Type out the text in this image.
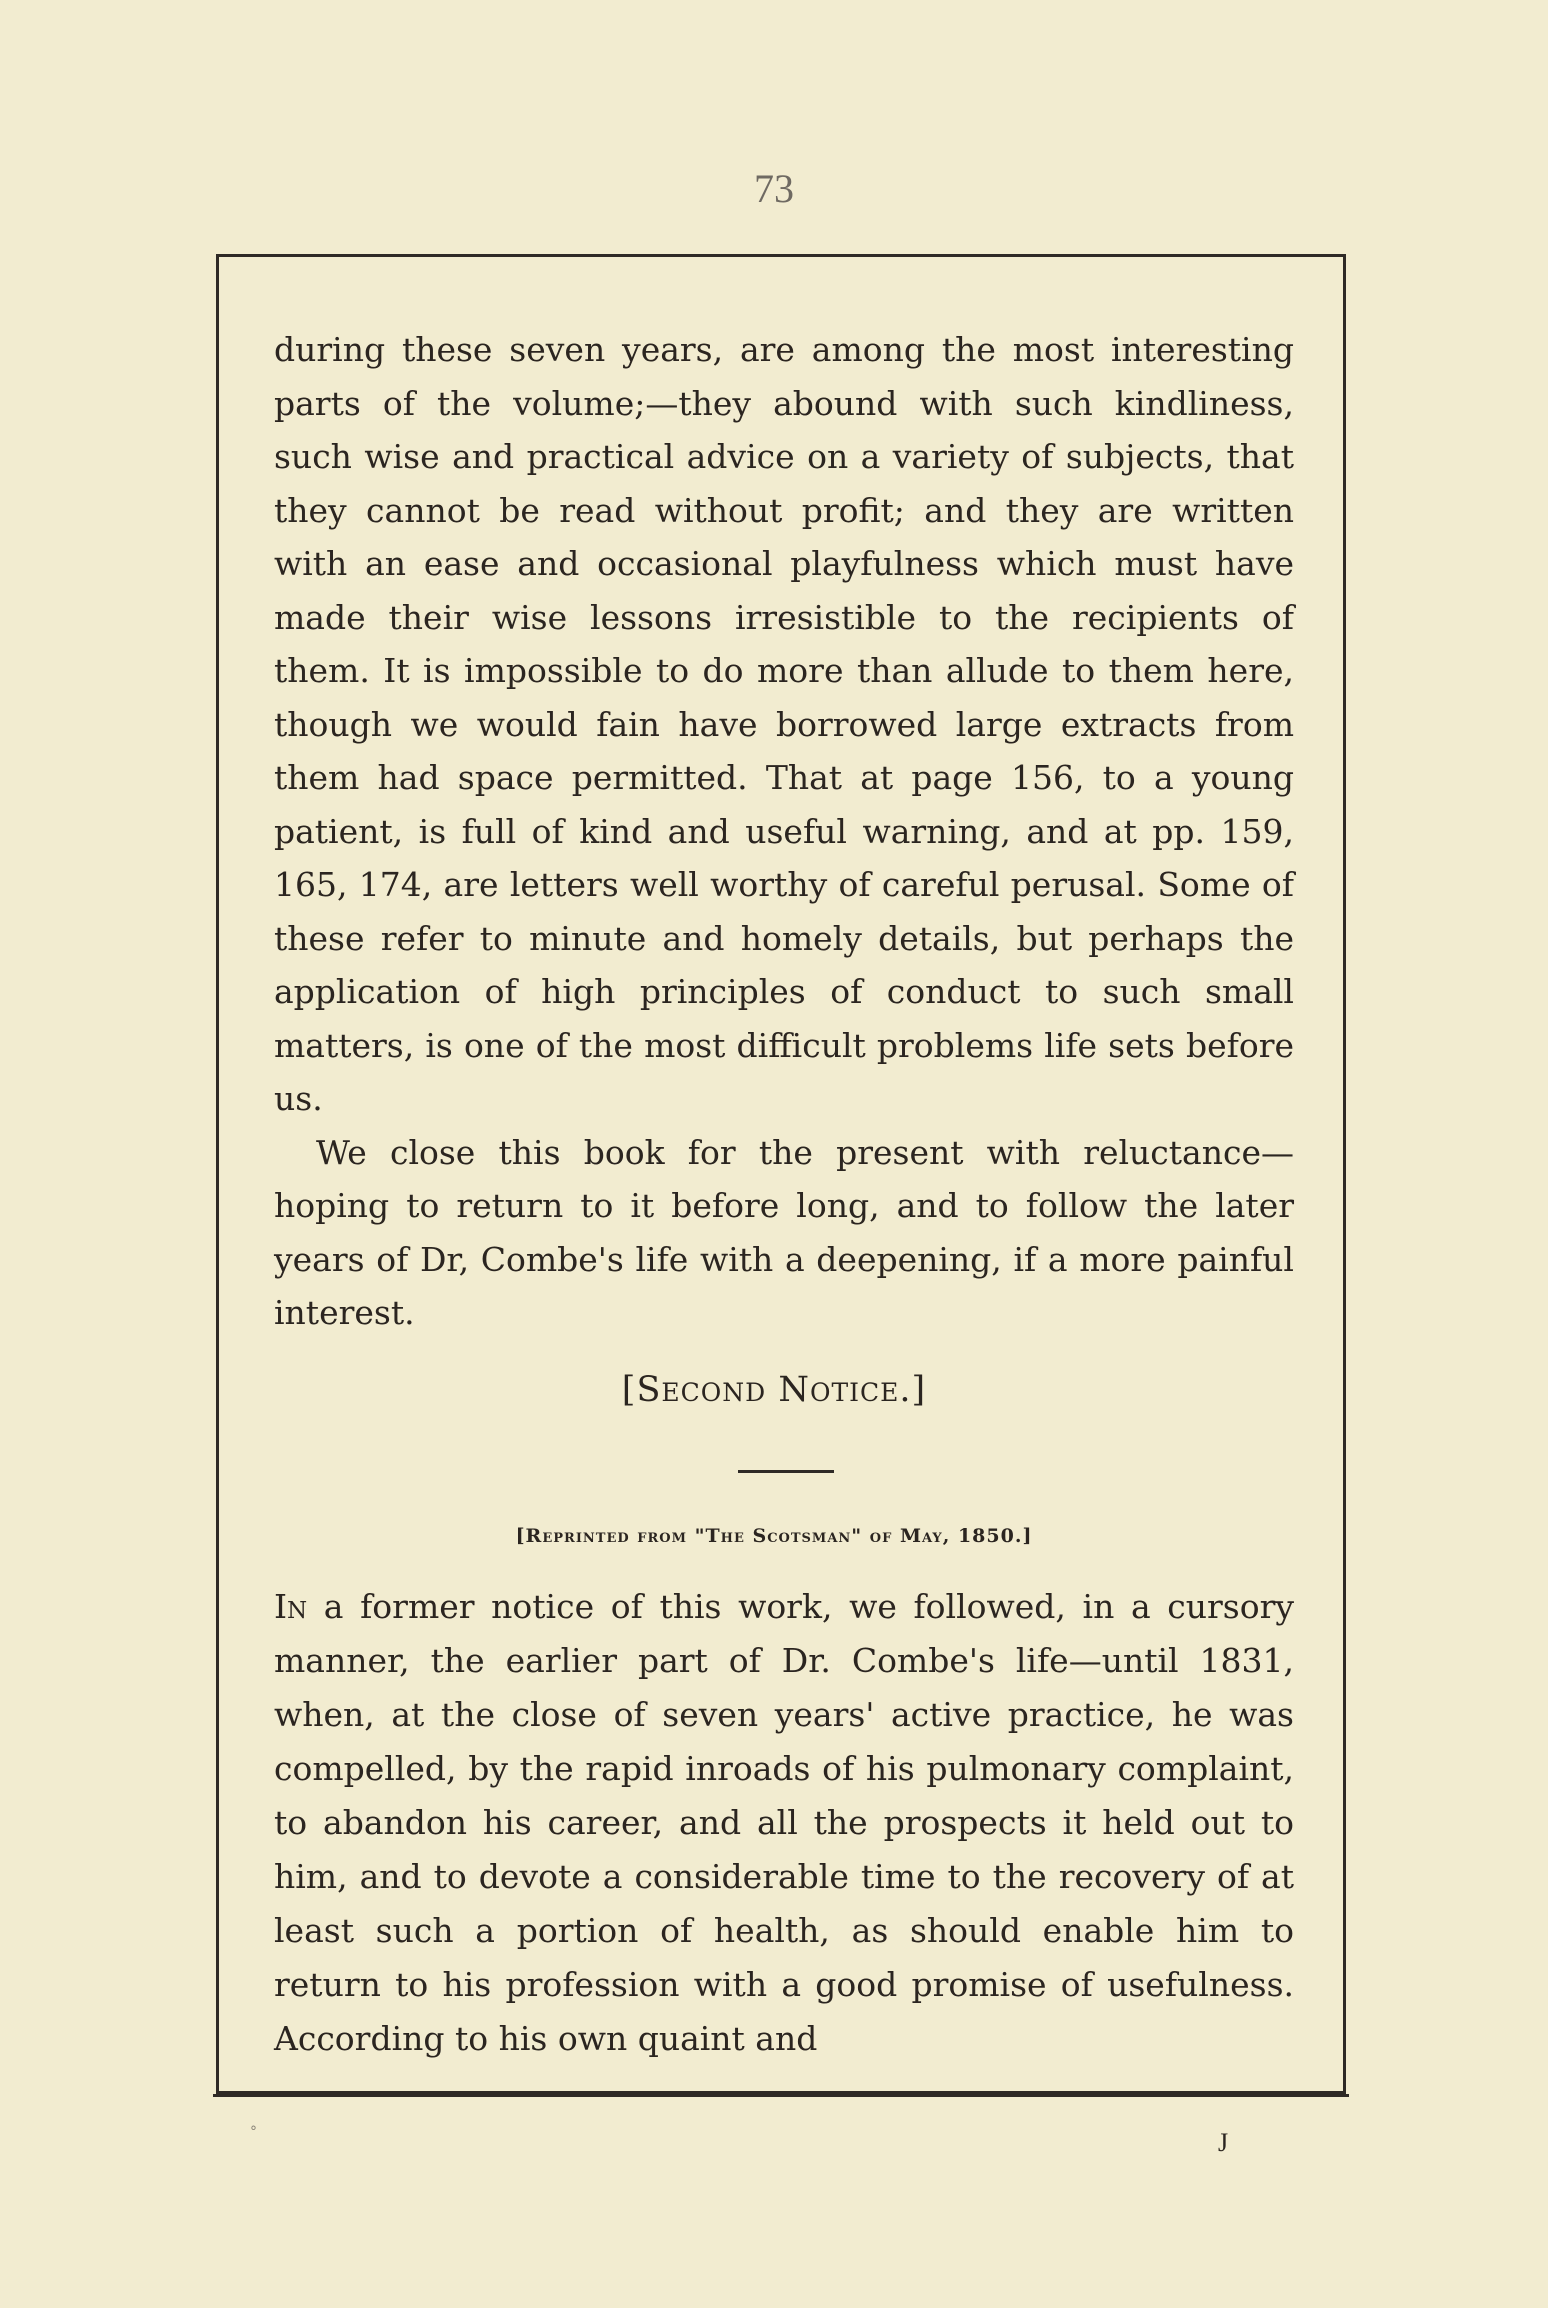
73

during these seven years, are among the most interesting parts of the volume;—they abound with such kindliness, such wise and practical advice on a variety of subjects, that they cannot be read without profit; and they are written with an ease and occasional playfulness which must have made their wise lessons irresistible to the recipients of them. It is impossible to do more than allude to them here, though we would fain have borrowed large extracts from them had space permitted. That at page 156, to a young patient, is full of kind and useful warning, and at pp. 159, 165, 174, are letters well worthy of careful perusal. Some of these refer to minute and homely details, but perhaps the application of high principles of conduct to such small matters, is one of the most difficult problems life sets before us.

We close this book for the present with reluctance—hoping to return to it before long, and to follow the later years of Dr, Combe's life with a deepening, if a more painful interest.

[Second Notice.]
[Reprinted from "The Scotsman" of May, 1850.]

In a former notice of this work, we followed, in a cursory manner, the earlier part of Dr. Combe's life—until 1831, when, at the close of seven years' active practice, he was compelled, by the rapid inroads of his pulmonary complaint, to abandon his career, and all the prospects it held out to him, and to devote a considerable time to the recovery of at least such a portion of health, as should enable him to return to his profession with a good promise of usefulness. According to his own quaint and

°	J
